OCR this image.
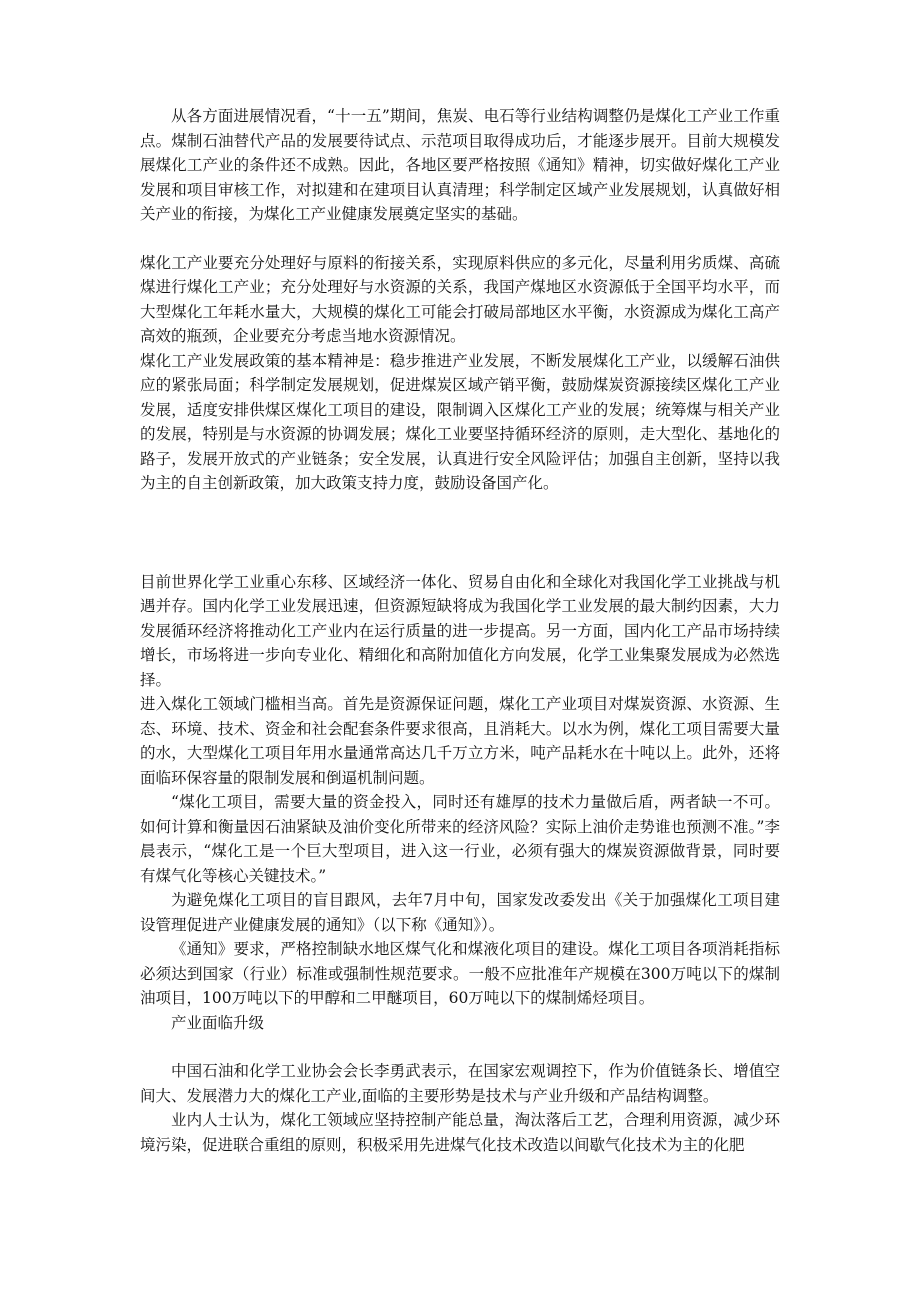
从各方面进展情况看，“十一五”期间，焦炭、电石等行业结构调整仍是煤化工产业工作重点。煤制石油替代产品的发展要待试点、示范项目取得成功后，才能逐步展开。目前大规模发展煤化工产业的条件还不成熟。因此，各地区要严格按照《通知》精神，切实做好煤化工产业发展和项目审核工作，对拟建和在建项目认真清理；科学制定区域产业发展规划，认真做好相关产业的衔接，为煤化工产业健康发展奠定坚实的基础。

煤化工产业要充分处理好与原料的衔接关系，实现原料供应的多元化，尽量利用劣质煤、高硫煤进行煤化工产业；充分处理好与水资源的关系，我国产煤地区水资源低于全国平均水平，而大型煤化工年耗水量大，大规模的煤化工可能会打破局部地区水平衡，水资源成为煤化工高产高效的瓶颈，企业要充分考虑当地水资源情况。

煤化工产业发展政策的基本精神是：稳步推进产业发展，不断发展煤化工产业，以缓解石油供应的紧张局面；科学制定发展规划，促进煤炭区域产销平衡，鼓励煤炭资源接续区煤化工产业发展，适度安排供煤区煤化工项目的建设，限制调入区煤化工产业的发展；统筹煤与相关产业的发展，特别是与水资源的协调发展；煤化工业要坚持循环经济的原则，走大型化、基地化的路子，发展开放式的产业链条；安全发展，认真进行安全风险评估；加强自主创新，坚持以我为主的自主创新政策，加大政策支持力度，鼓励设备国产化。

目前世界化学工业重心东移、区域经济一体化、贸易自由化和全球化对我国化学工业挑战与机遇并存。国内化学工业发展迅速，但资源短缺将成为我国化学工业发展的最大制约因素，大力发展循环经济将推动化工产业内在运行质量的进一步提高。另一方面，国内化工产品市场持续增长，市场将进一步向专业化、精细化和高附加值化方向发展，化学工业集聚发展成为必然选择。

进入煤化工领域门槛相当高。首先是资源保证问题，煤化工产业项目对煤炭资源、水资源、生态、环境、技术、资金和社会配套条件要求很高，且消耗大。以水为例，煤化工项目需要大量的水，大型煤化工项目年用水量通常高达几千万立方米，吨产品耗水在十吨以上。此外，还将面临环保容量的限制发展和倒逼机制问题。

“煤化工项目，需要大量的资金投入，同时还有雄厚的技术力量做后盾，两者缺一不可。如何计算和衡量因石油紧缺及油价变化所带来的经济风险？实际上油价走势谁也预测不准。”李晨表示，“煤化工是一个巨大型项目，进入这一行业，必须有强大的煤炭资源做背景，同时要有煤气化等核心关键技术。”

为避免煤化工项目的盲目跟风，去年7月中旬，国家发改委发出《关于加强煤化工项目建设管理促进产业健康发展的通知》（以下称《通知》）。

《通知》要求，严格控制缺水地区煤气化和煤液化项目的建设。煤化工项目各项消耗指标必须达到国家（行业）标准或强制性规范要求。一般不应批准年产规模在300万吨以下的煤制油项目，100万吨以下的甲醇和二甲醚项目，60万吨以下的煤制烯烃项目。

产业面临升级

中国石油和化学工业协会会长李勇武表示，在国家宏观调控下，作为价值链条长、增值空间大、发展潜力大的煤化工产业,面临的主要形势是技术与产业升级和产品结构调整。

业内人士认为，煤化工领域应坚持控制产能总量，淘汰落后工艺，合理利用资源，减少环境污染，促进联合重组的原则，积极采用先进煤气化技术改造以间歇气化技术为主的化肥
